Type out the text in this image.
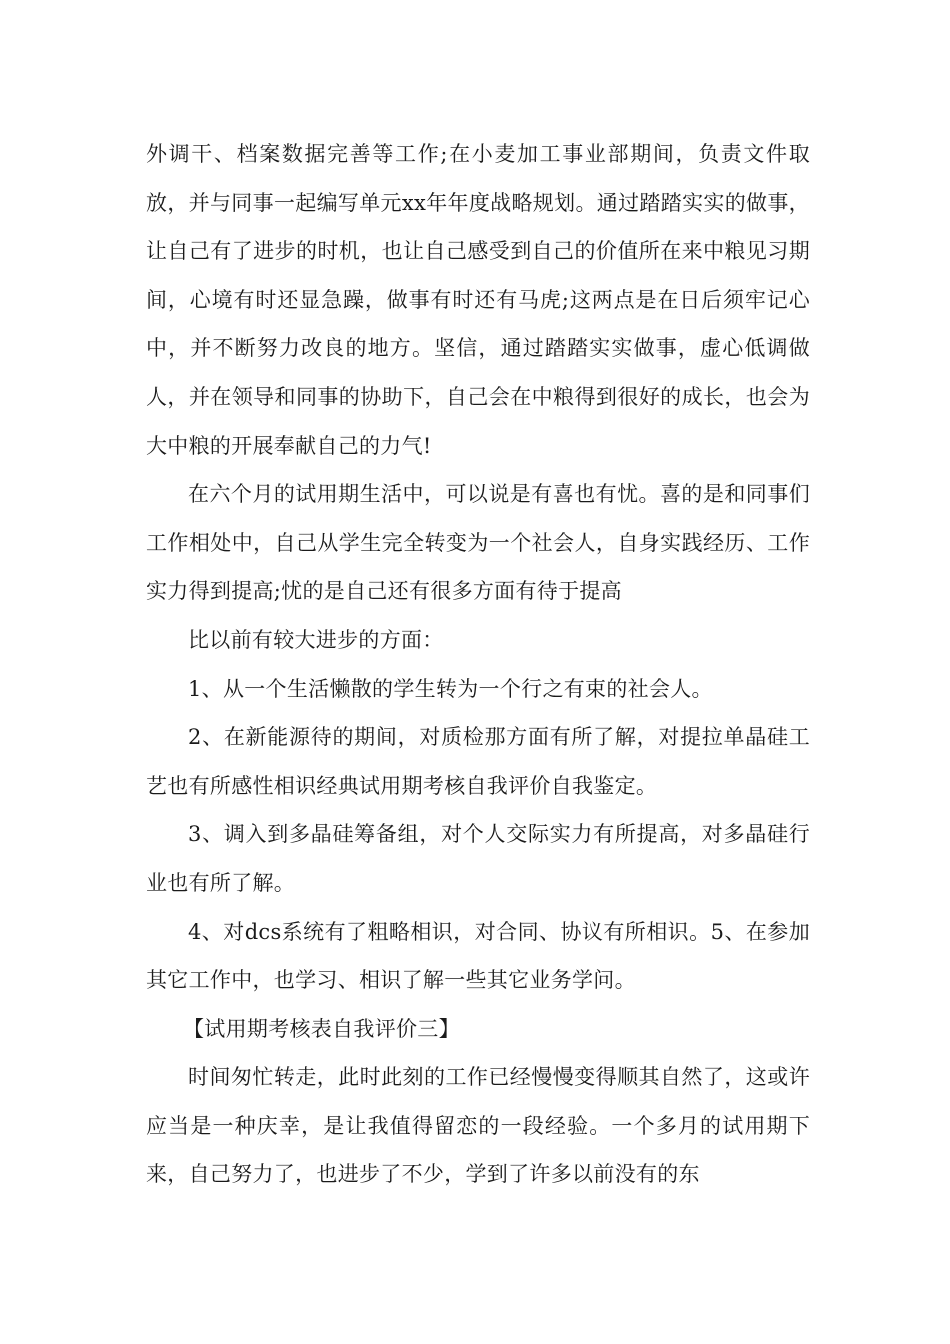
外调干、档案数据完善等工作;在小麦加工事业部期间，负责文件取放，并与同事一起编写单元xx年年度战略规划。通过踏踏实实的做事，让自己有了进步的时机，也让自己感受到自己的价值所在来中粮见习期间，心境有时还显急躁，做事有时还有马虎;这两点是在日后须牢记心中，并不断努力改良的地方。坚信，通过踏踏实实做事，虚心低调做人，并在领导和同事的协助下，自己会在中粮得到很好的成长，也会为大中粮的开展奉献自己的力气!

在六个月的试用期生活中，可以说是有喜也有忧。喜的是和同事们工作相处中，自己从学生完全转变为一个社会人，自身实践经历、工作实力得到提高;忧的是自己还有很多方面有待于提高

比以前有较大进步的方面：

1、从一个生活懒散的学生转为一个行之有束的社会人。

2、在新能源待的期间，对质检那方面有所了解，对提拉单晶硅工艺也有所感性相识经典试用期考核自我评价自我鉴定。

3、调入到多晶硅筹备组，对个人交际实力有所提高，对多晶硅行业也有所了解。

4、对dcs系统有了粗略相识，对合同、协议有所相识。5、在参加其它工作中，也学习、相识了解一些其它业务学问。

【试用期考核表自我评价三】

时间匆忙转走，此时此刻的工作已经慢慢变得顺其自然了，这或许应当是一种庆幸，是让我值得留恋的一段经验。一个多月的试用期下来，自己努力了，也进步了不少，学到了许多以前没有的东
